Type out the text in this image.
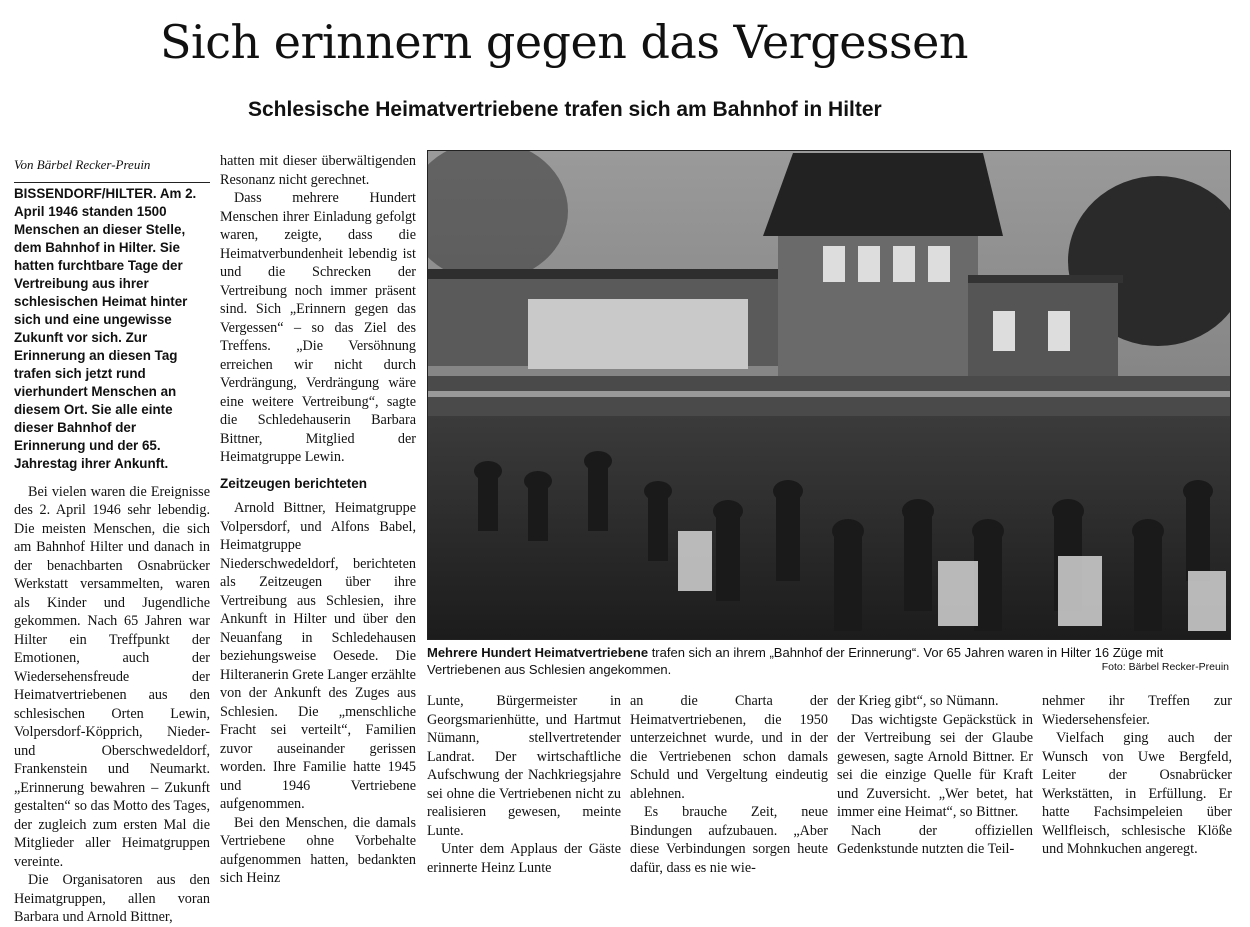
Sich erinnern gegen das Vergessen
Schlesische Heimatvertriebene trafen sich am Bahnhof in Hilter
Von Bärbel Recker-Preuin
BISSENDORF/HILTER. Am 2. April 1946 standen 1500 Menschen an dieser Stelle, dem Bahnhof in Hilter. Sie hatten furchtbare Tage der Vertreibung aus ihrer schlesischen Heimat hinter sich und eine ungewisse Zukunft vor sich. Zur Erinnerung an diesen Tag trafen sich jetzt rund vierhundert Menschen an diesem Ort. Sie alle einte dieser Bahnhof der Erinnerung und der 65. Jahrestag ihrer Ankunft.

Bei vielen waren die Ereignisse des 2. April 1946 sehr lebendig. Die meisten Menschen, die sich am Bahnhof Hilter und danach in der benachbarten Osnabrücker Werkstatt versammelten, waren als Kinder und Jugendliche gekommen. Nach 65 Jahren war Hilter ein Treffpunkt der Emotionen, auch der Wiedersehensfreude der Heimatvertriebenen aus den schlesischen Orten Lewin, Volpersdorf-Köpprich, Nieder- und Oberschwedeldorf, Frankenstein und Neumarkt. „Erinnerung bewahren – Zukunft gestalten“ so das Motto des Tages, der zugleich zum ersten Mal die Mitglieder aller Heimatgruppen vereinte.

Die Organisatoren aus den Heimatgruppen, allen voran Barbara und Arnold Bittner,

hatten mit dieser überwältigenden Resonanz nicht gerechnet.

Dass mehrere Hundert Menschen ihrer Einladung gefolgt waren, zeigte, dass die Heimatverbundenheit lebendig ist und die Schrecken der Vertreibung noch immer präsent sind. Sich „Erinnern gegen das Vergessen“ – so das Ziel des Treffens. „Die Versöhnung erreichen wir nicht durch Verdrängung, Verdrängung wäre eine weitere Vertreibung“, sagte die Schledehauserin Barbara Bittner, Mitglied der Heimatgruppe Lewin.

Zeitzeugen berichteten

Arnold Bittner, Heimatgruppe Volpersdorf, und Alfons Babel, Heimatgruppe Niederschwedeldorf, berichteten als Zeitzeugen über ihre Vertreibung aus Schlesien, ihre Ankunft in Hilter und über den Neuanfang in Schledehausen beziehungsweise Oesede. Die Hilteranerin Grete Langer erzählte von der Ankunft des Zuges aus Schlesien. Die „menschliche Fracht sei verteilt“, Familien zuvor auseinander gerissen worden. Ihre Familie hatte 1945 und 1946 Vertriebene aufgenommen.

Bei den Menschen, die damals Vertriebene ohne Vorbehalte aufgenommen hatten, bedankten sich Heinz

Mehrere Hundert Heimatvertriebene trafen sich an ihrem „Bahnhof der Erinnerung“. Vor 65 Jahren waren in Hilter 16 Züge mit Vertriebenen aus Schlesien angekommen.	Foto: Bärbel Recker-Preuin

Lunte, Bürgermeister in Georgsmarienhütte, und Hartmut Nümann, stellvertretender Landrat. Der wirtschaftliche Aufschwung der Nachkriegsjahre sei ohne die Vertriebenen nicht zu realisieren gewesen, meinte Lunte.

Unter dem Applaus der Gäste erinnerte Heinz Lunte

an die Charta der Heimatvertriebenen, die 1950 unterzeichnet wurde, und in der die Vertriebenen schon damals Schuld und Vergeltung eindeutig ablehnen.

Es brauche Zeit, neue Bindungen aufzubauen. „Aber diese Verbindungen sorgen heute dafür, dass es nie wie-

der Krieg gibt“, so Nümann.

Das wichtigste Gepäckstück in der Vertreibung sei der Glaube gewesen, sagte Arnold Bittner. Er sei die einzige Quelle für Kraft und Zuversicht. „Wer betet, hat immer eine Heimat“, so Bittner.

Nach der offiziellen Gedenkstunde nutzten die Teil-

nehmer ihr Treffen zur Wiedersehensfeier.

Vielfach ging auch der Wunsch von Uwe Bergfeld, Leiter der Osnabrücker Werkstätten, in Erfüllung. Er hatte Fachsimpeleien über Wellfleisch, schlesische Klöße und Mohnkuchen angeregt.
